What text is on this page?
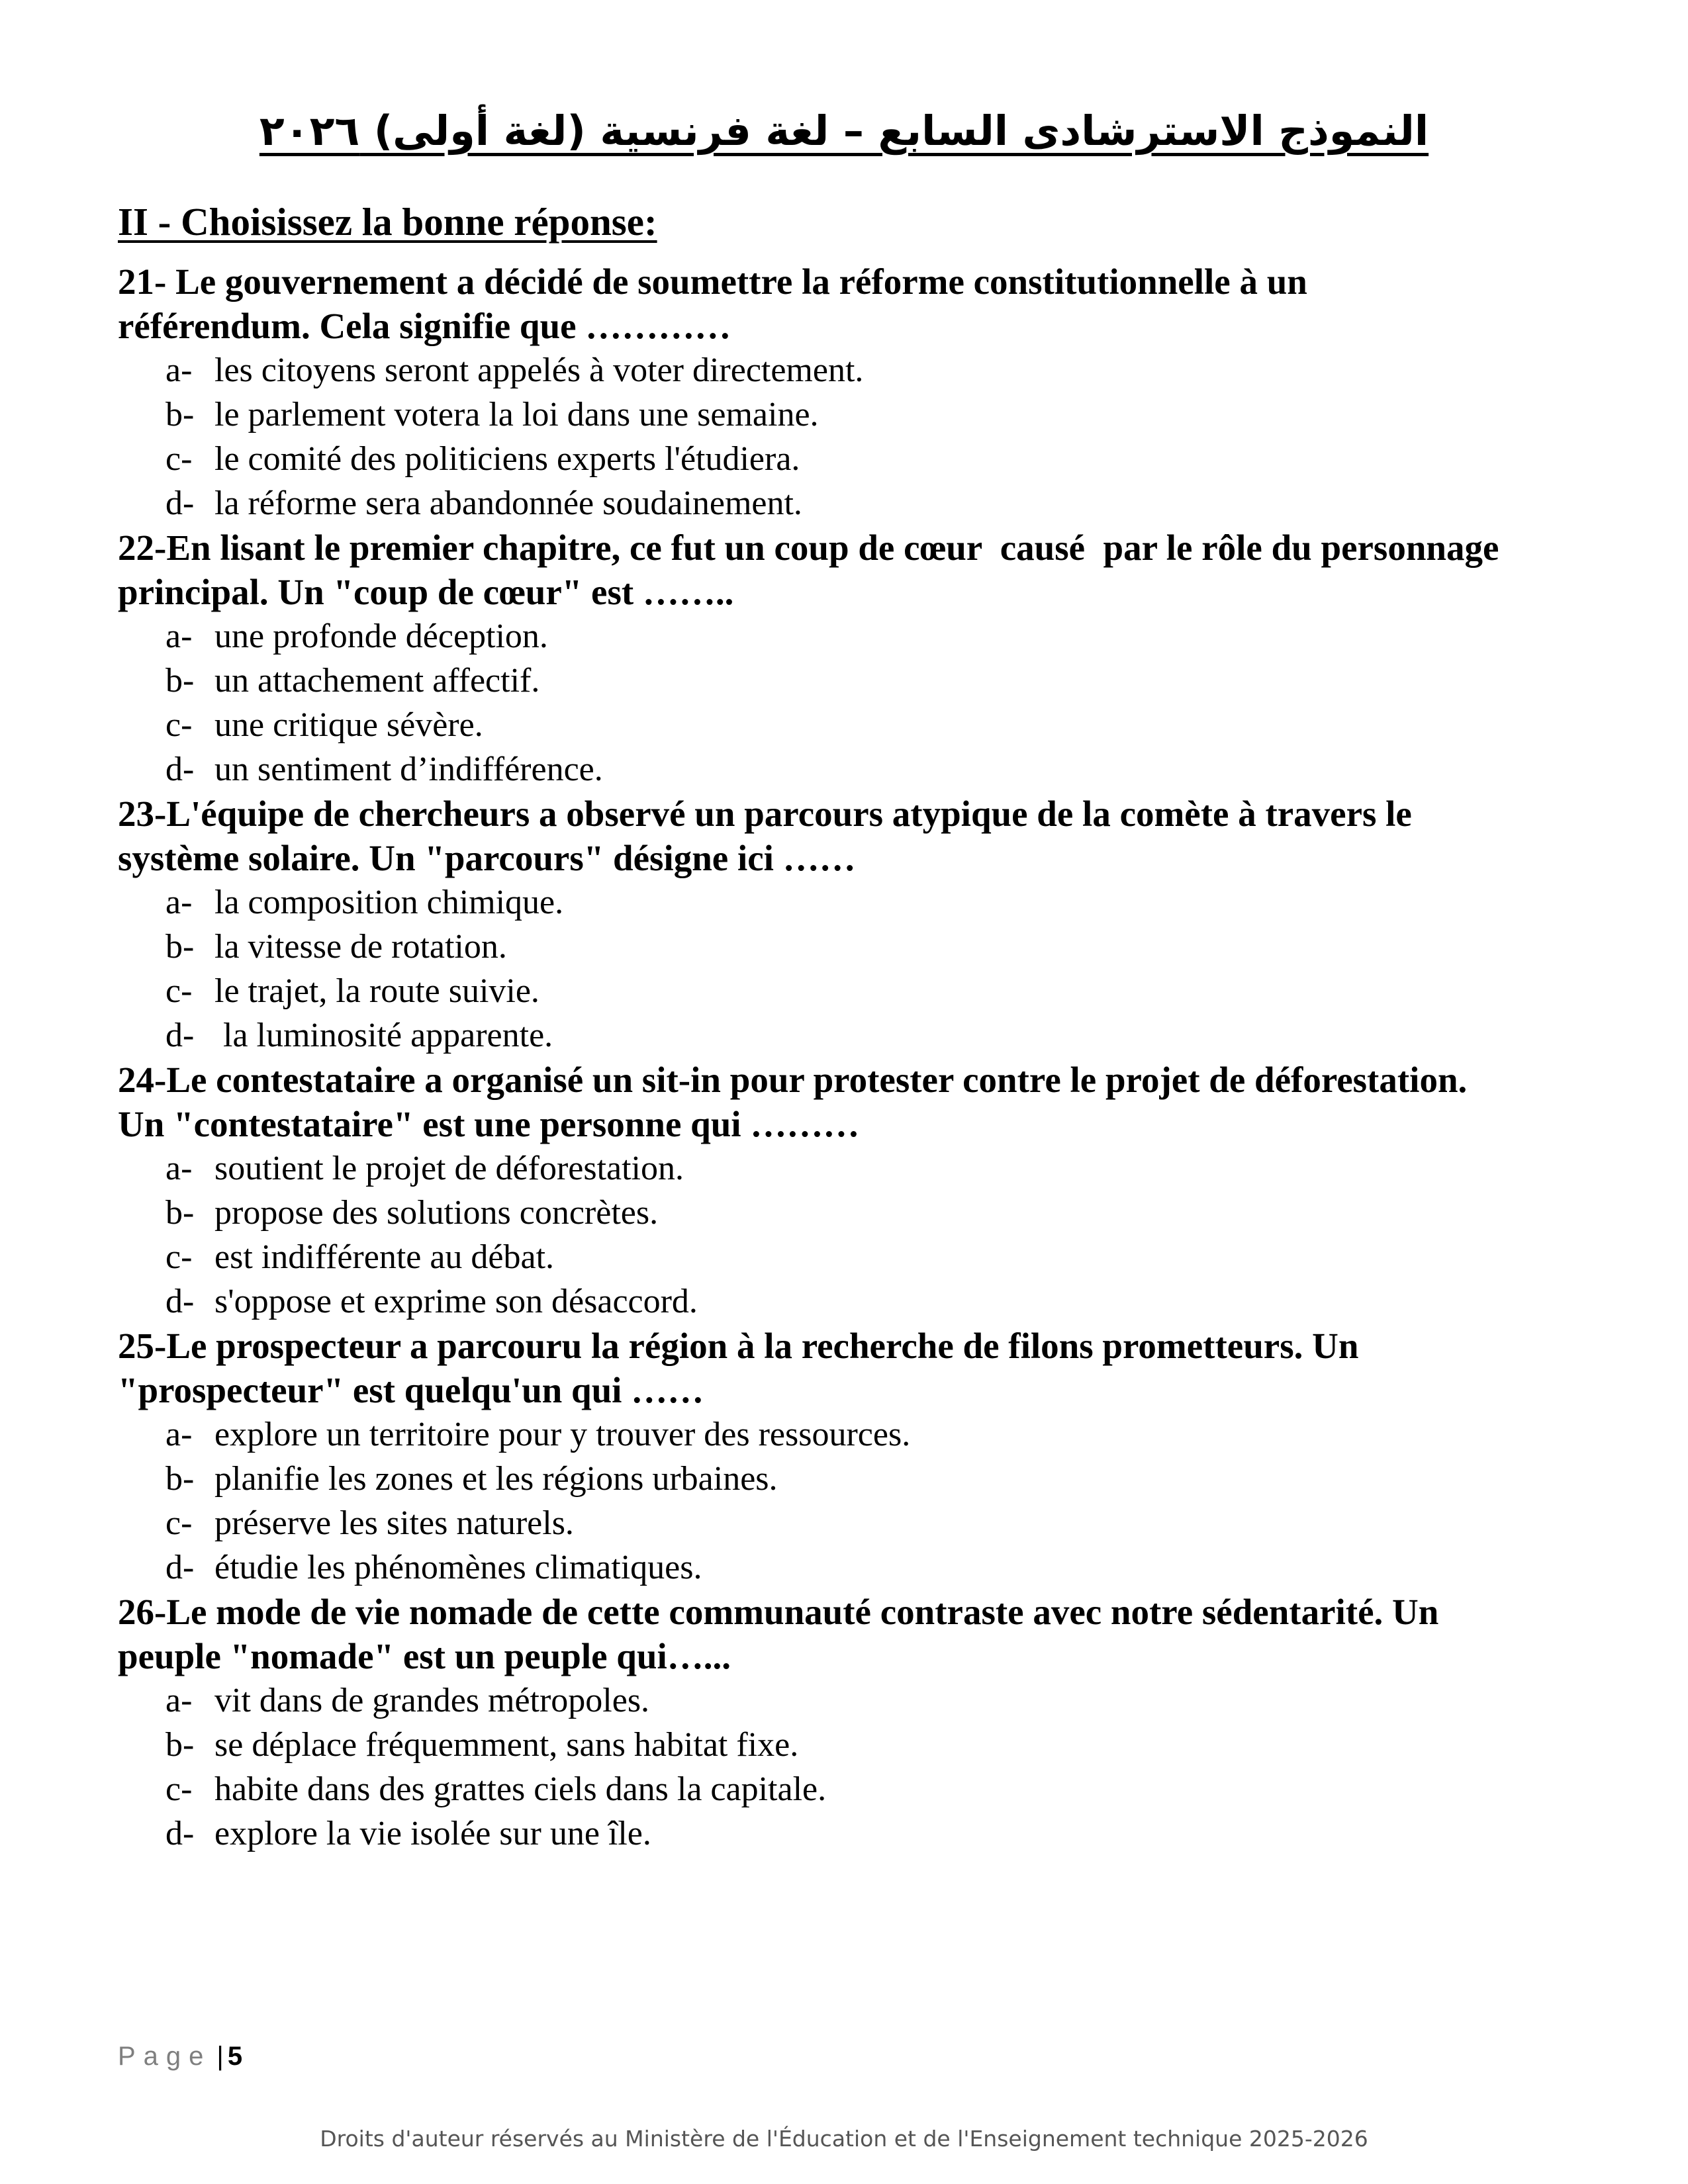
النموذج الاسترشادى السابع – لغة فرنسية (لغة أولى) ٢٠٢٦
II - Choisissez la bonne réponse:

21- Le gouvernement a décidé de soumettre la réforme constitutionnelle à un référendum. Cela signifie que …………

a- les citoyens seront appelés à voter directement.
b- le parlement votera la loi dans une semaine.
c- le comité des politiciens experts l'étudiera.
d- la réforme sera abandonnée soudainement.

22-En lisant le premier chapitre, ce fut un coup de cœur  causé  par le rôle du personnage principal. Un "coup de cœur" est ……..

a- une profonde déception.
b- un attachement affectif.
c- une critique sévère.
d- un sentiment d’indifférence.

23-L'équipe de chercheurs a observé un parcours atypique de la comète à travers le système solaire. Un "parcours" désigne ici ……

a- la composition chimique.
b- la vitesse de rotation.
c- le trajet, la route suivie.
d- la luminosité apparente.

24-Le contestataire a organisé un sit-in pour protester contre le projet de déforestation. Un "contestataire" est une personne qui ………

a- soutient le projet de déforestation.
b- propose des solutions concrètes.
c- est indifférente au débat.
d- s'oppose et exprime son désaccord.

25-Le prospecteur a parcouru la région à la recherche de filons prometteurs. Un "prospecteur" est quelqu'un qui ……

a- explore un territoire pour y trouver des ressources.
b- planifie les zones et les régions urbaines.
c- préserve les sites naturels.
d- étudie les phénomènes climatiques.

26-Le mode de vie nomade de cette communauté contraste avec notre sédentarité. Un peuple "nomade" est un peuple qui…...

a- vit dans de grandes métropoles.
b- se déplace fréquemment, sans habitat fixe.
c- habite dans des grattes ciels dans la capitale.
d- explore la vie isolée sur une île.
Page | 5
Droits d'auteur réservés au Ministère de l'Éducation et de l'Enseignement technique 2025-2026
